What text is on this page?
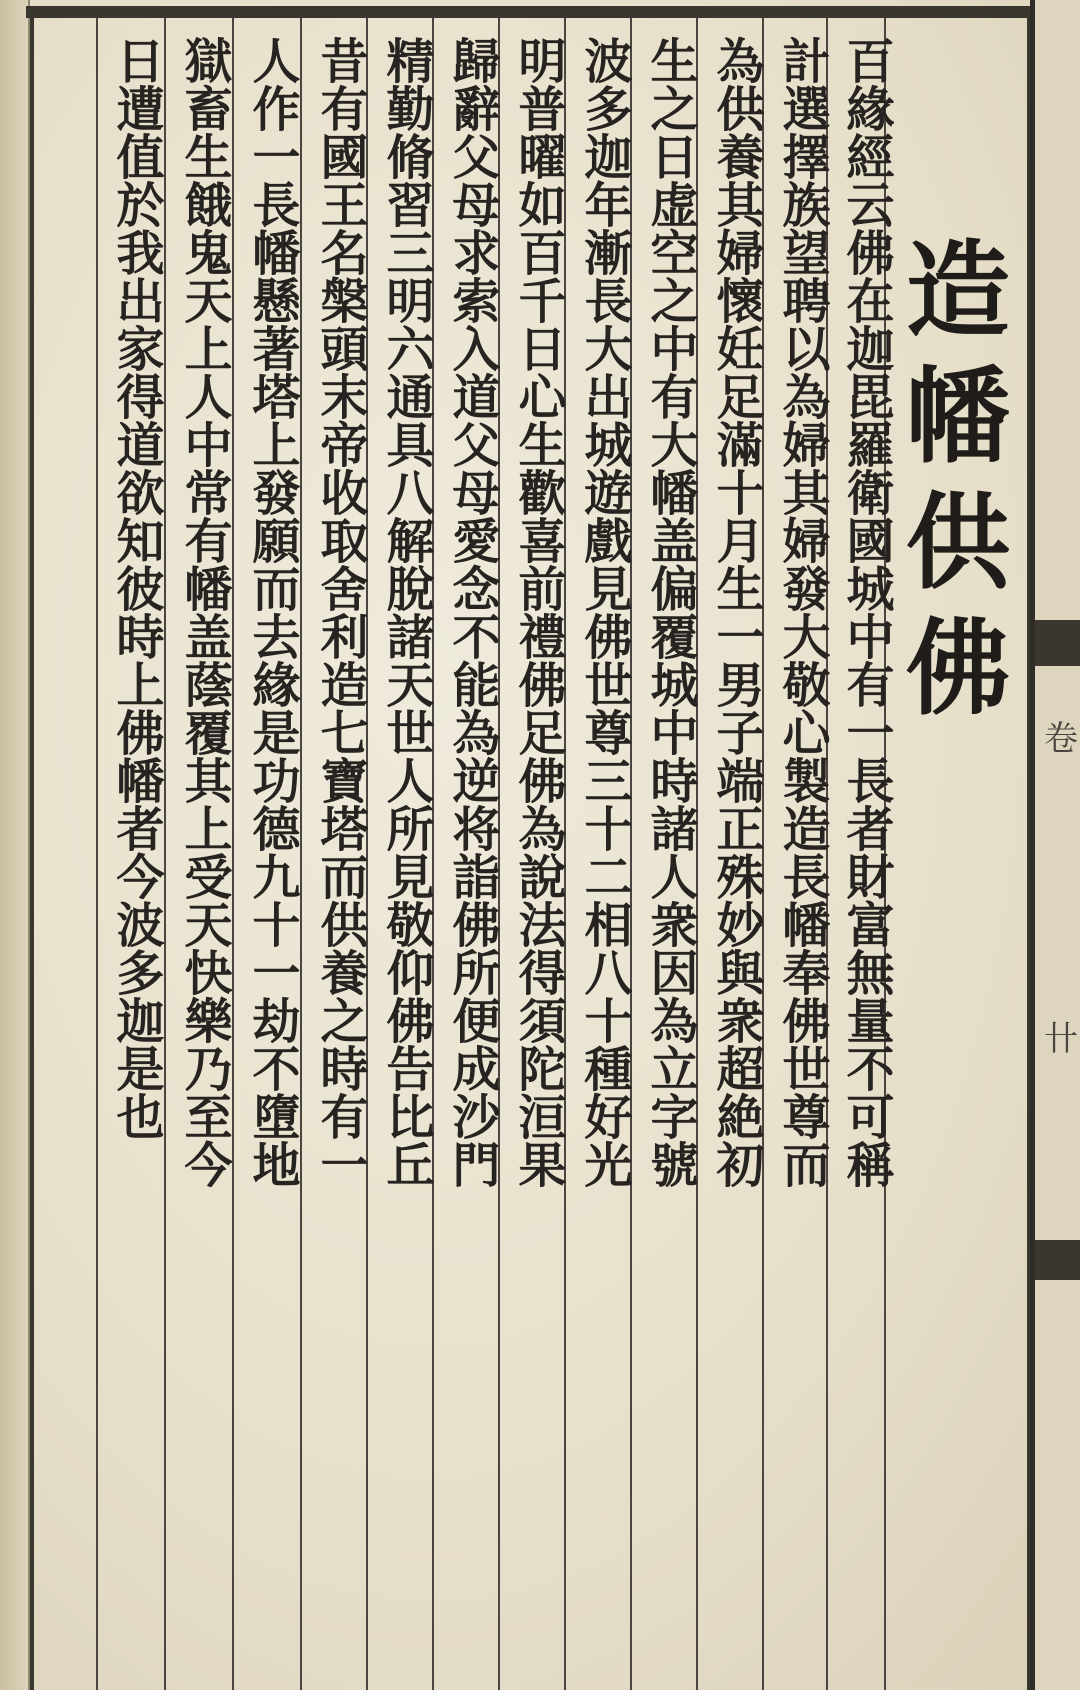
卷
卄
造幡供佛
百緣經云佛在迦毘羅衛國城中有一長者財富無量不可稱
計選擇族望聘以為婦其婦發大敬心製造長幡奉佛世尊而
為供養其婦懷妊足滿十月生一男子端正殊妙與衆超絶初
生之日虚空之中有大幡盖偏覆城中時諸人衆因為立字號
波多迦年漸長大出城遊戲見佛世尊三十二相八十種好光
明普曜如百千日心生歡喜前禮佛足佛為說法得須陀洹果
歸辭父母求索入道父母愛念不能為逆将詣佛所便成沙門
精勤脩習三明六通具八解脫諸天世人所見敬仰佛告比丘
昔有國王名槃頭末帝收取舍利造七寶塔而供養之時有一
人作一長幡懸著塔上發願而去緣是功德九十一劫不墮地
獄畜生餓鬼天上人中常有幡盖蔭覆其上受天快樂乃至今
日遭值於我出家得道欲知彼時上佛幡者今波多迦是也
